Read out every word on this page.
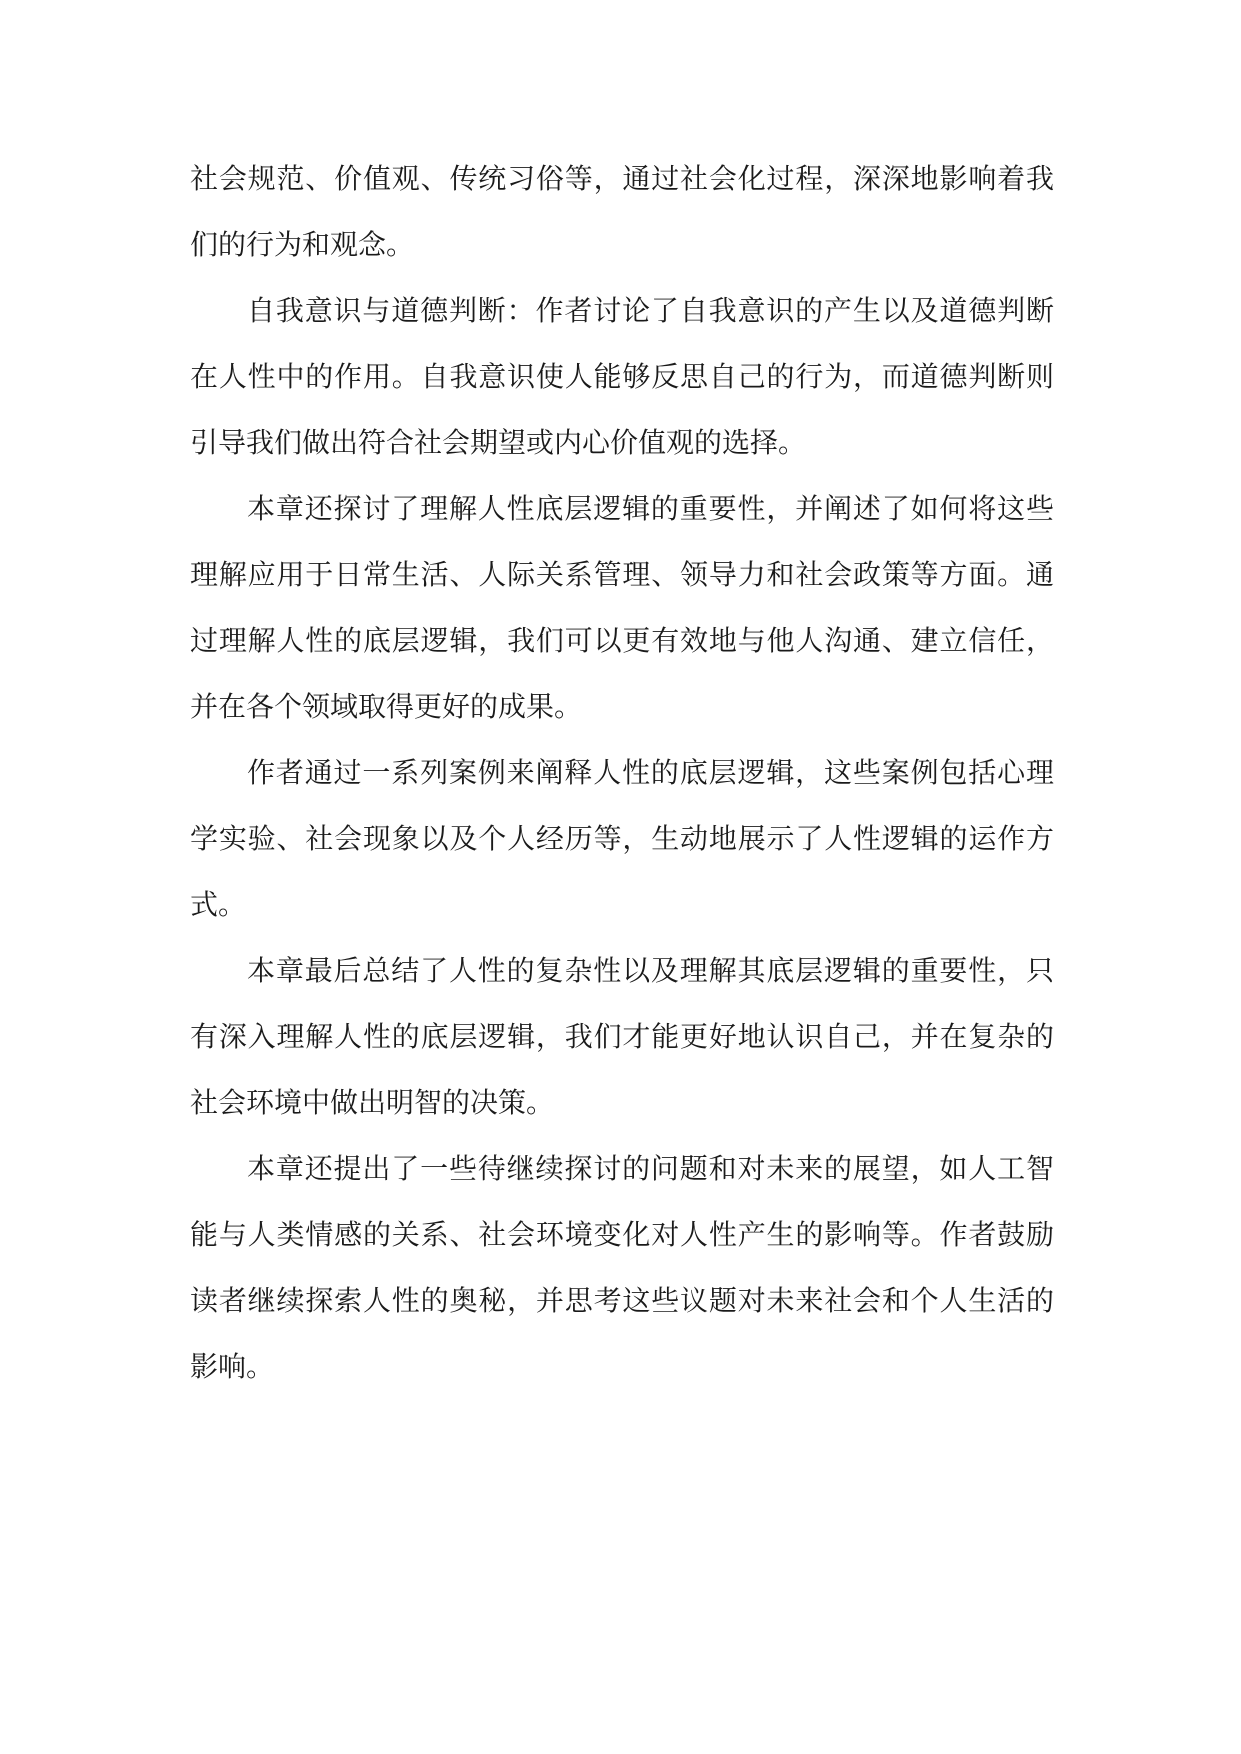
社会规范、价值观、传统习俗等，通过社会化过程，深深地影响着我们的行为和观念。

自我意识与道德判断：作者讨论了自我意识的产生以及道德判断在人性中的作用。自我意识使人能够反思自己的行为，而道德判断则引导我们做出符合社会期望或内心价值观的选择。

本章还探讨了理解人性底层逻辑的重要性，并阐述了如何将这些理解应用于日常生活、人际关系管理、领导力和社会政策等方面。通过理解人性的底层逻辑，我们可以更有效地与他人沟通、建立信任，并在各个领域取得更好的成果。

作者通过一系列案例来阐释人性的底层逻辑，这些案例包括心理学实验、社会现象以及个人经历等，生动地展示了人性逻辑的运作方式。

本章最后总结了人性的复杂性以及理解其底层逻辑的重要性，只有深入理解人性的底层逻辑，我们才能更好地认识自己，并在复杂的社会环境中做出明智的决策。

本章还提出了一些待继续探讨的问题和对未来的展望，如人工智能与人类情感的关系、社会环境变化对人性产生的影响等。作者鼓励读者继续探索人性的奥秘，并思考这些议题对未来社会和个人生活的影响。
